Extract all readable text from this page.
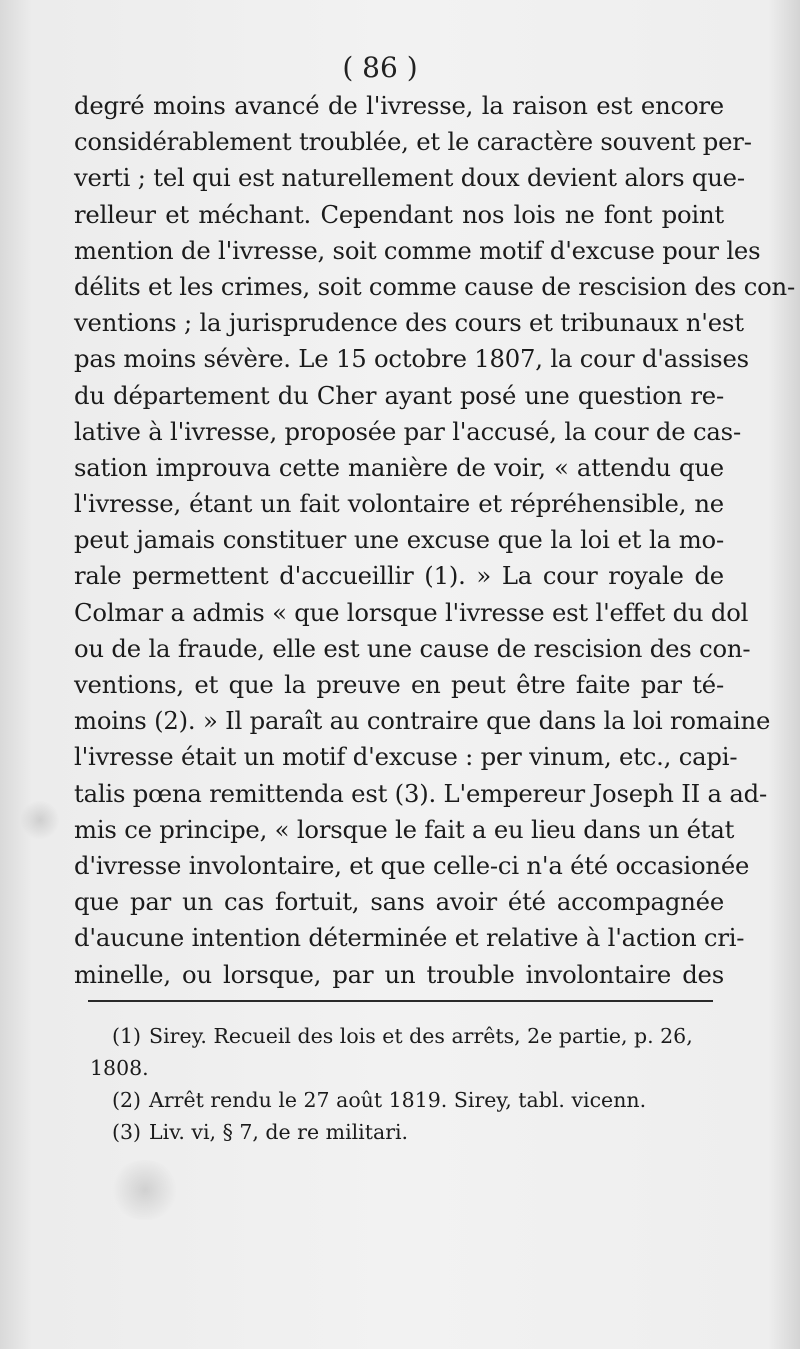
( 86 )
degré moins avancé de l'ivresse, la raison est encore
considérablement troublée, et le caractère souvent per-
verti ; tel qui est naturellement doux devient alors que-
relleur et méchant. Cependant nos lois ne font point
mention de l'ivresse, soit comme motif d'excuse pour les
délits et les crimes, soit comme cause de rescision des con-
ventions ; la jurisprudence des cours et tribunaux n'est
pas moins sévère. Le 15 octobre 1807, la cour d'assises
du département du Cher ayant posé une question re-
lative à l'ivresse, proposée par l'accusé, la cour de cas-
sation improuva cette manière de voir, « attendu que
l'ivresse, étant un fait volontaire et répréhensible, ne
peut jamais constituer une excuse que la loi et la mo-
rale permettent d'accueillir (1). » La cour royale de
Colmar a admis « que lorsque l'ivresse est l'effet du dol
ou de la fraude, elle est une cause de rescision des con-
ventions, et que la preuve en peut être faite par té-
moins (2). » Il paraît au contraire que dans la loi romaine
l'ivresse était un motif d'excuse : per vinum, etc., capi-
talis pœna remittenda est (3). L'empereur Joseph II a ad-
mis ce principe, « lorsque le fait a eu lieu dans un état
d'ivresse involontaire, et que celle-ci n'a été occasionée
que par un cas fortuit, sans avoir été accompagnée
d'aucune intention déterminée et relative à l'action cri-
minelle, ou lorsque, par un trouble involontaire des
(1) Sirey. Recueil des lois et des arrêts, 2e partie, p. 26,
1808.
(2) Arrêt rendu le 27 août 1819. Sirey, tabl. vicenn.
(3) Liv. vi, § 7, de re militari.
